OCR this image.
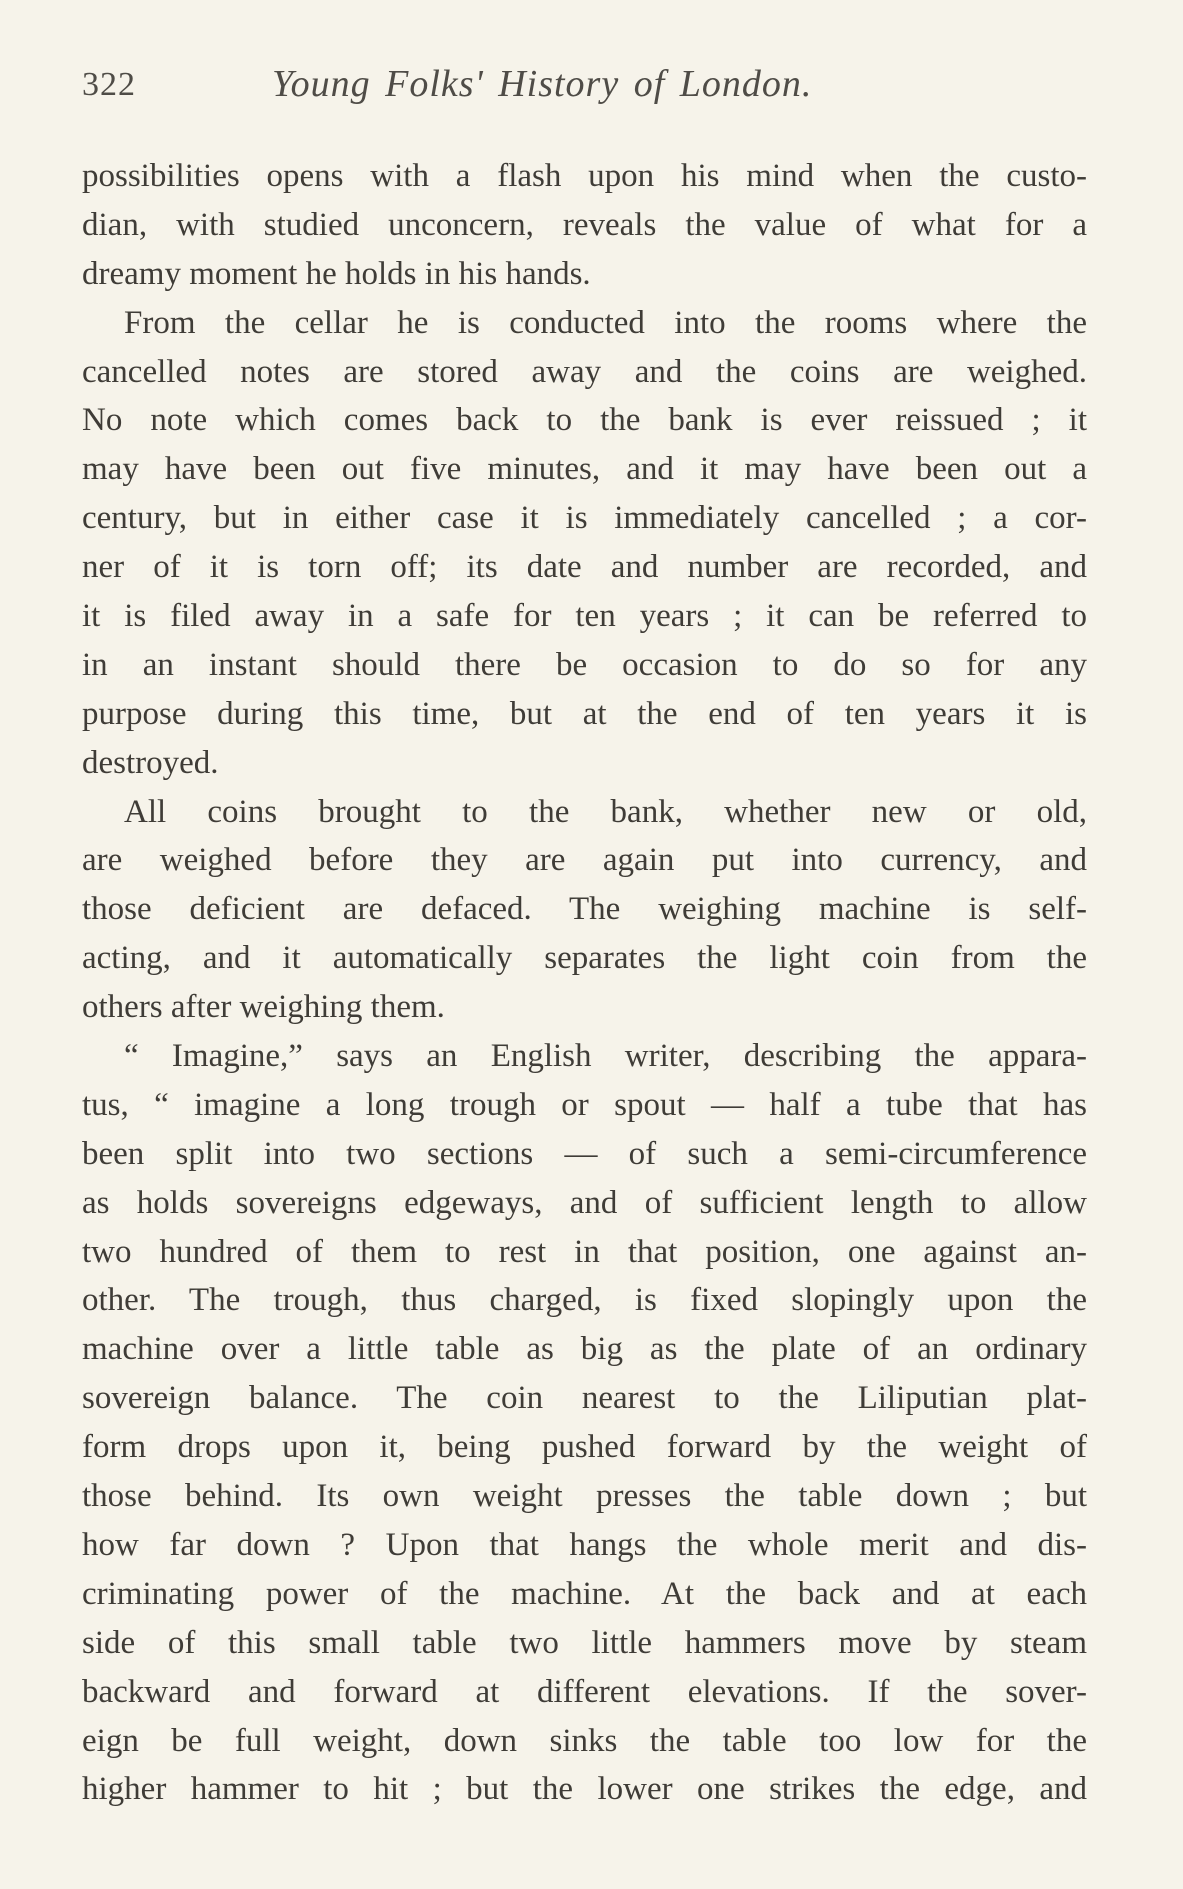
322	Young Folks' History of London.
possibilities opens with a flash upon his mind when the custo-
dian, with studied unconcern, reveals the value of what for a
dreamy moment he holds in his hands.
From the cellar he is conducted into the rooms where the
cancelled notes are stored away and the coins are weighed.
No note which comes back to the bank is ever reissued ; it
may have been out five minutes, and it may have been out a
century, but in either case it is immediately cancelled ; a cor-
ner of it is torn off; its date and number are recorded, and
it is filed away in a safe for ten years ; it can be referred to
in an instant should there be occasion to do so for any
purpose during this time, but at the end of ten years it is
destroyed.
All coins brought to the bank, whether new or old,
are weighed before they are again put into currency, and
those deficient are defaced. The weighing machine is self-
acting, and it automatically separates the light coin from the
others after weighing them.
“ Imagine,” says an English writer, describing the appara-
tus, “ imagine a long trough or spout — half a tube that has
been split into two sections — of such a semi-circumference
as holds sovereigns edgeways, and of sufficient length to allow
two hundred of them to rest in that position, one against an-
other. The trough, thus charged, is fixed slopingly upon the
machine over a little table as big as the plate of an ordinary
sovereign balance. The coin nearest to the Liliputian plat-
form drops upon it, being pushed forward by the weight of
those behind. Its own weight presses the table down ; but
how far down ? Upon that hangs the whole merit and dis-
criminating power of the machine. At the back and at each
side of this small table two little hammers move by steam
backward and forward at different elevations. If the sover-
eign be full weight, down sinks the table too low for the
higher hammer to hit ; but the lower one strikes the edge, and
